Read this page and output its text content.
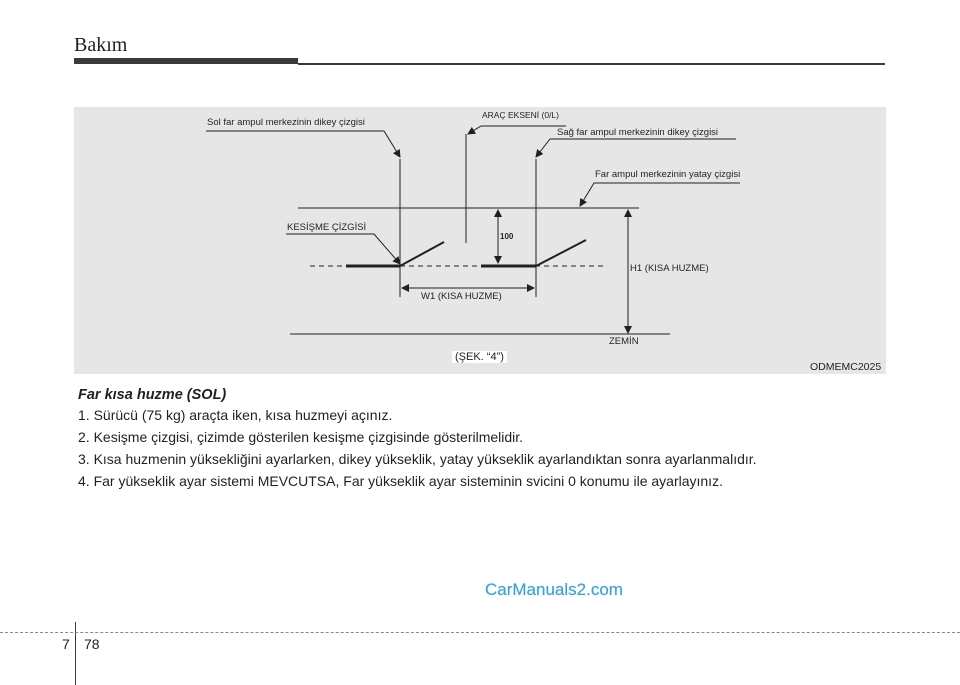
Bakım
Sol far ampul merkezinin dikey çizgisi
ARAÇ EKSENİ (0/L)
Sağ far ampul merkezinin dikey çizgisi
Far ampul merkezinin yatay çizgisi
KESİŞME ÇİZGİSİ
100
H1 (KISA HUZME)
W1 (KISA HUZME)
ZEMİN
(ŞEK. “4”)
ODMEMC2025
Far kısa huzme (SOL)
1. Sürücü (75 kg) araçta iken, kısa huzmeyi açınız.
2. Kesişme çizgisi, çizimde gösterilen kesişme çizgisinde gösterilmelidir.
3. Kısa huzmenin yüksekliğini ayarlarken, dikey yükseklik, yatay yükseklik ayarlandıktan sonra ayarlanmalıdır.
4. Far yükseklik ayar sistemi MEVCUTSA, Far yükseklik ayar sisteminin svicini 0 konumu ile ayarlayınız.
CarManuals2.com
7 78
